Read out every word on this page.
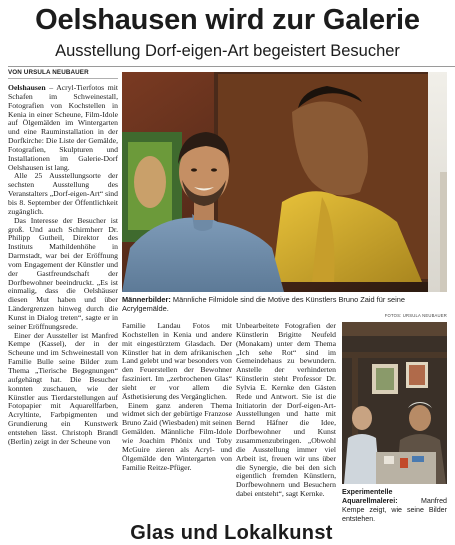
Oelshausen wird zur Galerie
Ausstellung Dorf-eigen-Art begeistert Besucher
VON URSULA NEUBAUER

Oelshausen – Acryl-Tierfotos mit Schafen im Schweinestall, Fotografien von Kochstellen in Kenia in einer Scheune, Film-Idole auf Ölgemälden im Wintergarten und eine Rauminstallation in der Dorfkirche: Die Liste der Gemälde, Fotografien, Skulpturen und Installationen im Galerie-Dorf Oelshausen ist lang.

Alle 25 Ausstellungsorte der sechsten Ausstellung des Veranstalters „Dorf-eigen-Art“ sind bis 8. September der Öffentlichkeit zugänglich.

Das Interesse der Besucher ist groß. Und auch Schirmherr Dr. Philipp Gutheil, Direktor des Instituts Mathildenhöhe in Darmstadt, war bei der Eröffnung vom Engagement der Künstler und der Gastfreundschaft der Dorfbewohner beeindruckt. „Es ist einmalig, dass die Oelshäuser diesen Mut haben und über Ländergrenzen hinweg durch die Kunst in Dialog treten“, sagte er in seiner Eröffnungsrede.

Einer der Aussteller ist Manfred Kempe (Kassel), der in der Scheune und im Schweinestall von Familie Bulle seine Bilder zum Thema „Tierische Begegnungen“ aufgehängt hat. Die Besucher konnten zuschauen, wie der Künstler aus Tierdarstellungen auf Fotopapier mit Aquarellfarben, Acryltinte, Farbpigmenten und Grundierung ein Kunstwerk entstehen lässt. Christoph Brandl (Berlin) zeigt in der Scheune von

Männerbilder: Männliche Filmidole sind die Motive des Künstlers Bruno Zaid für seine Acrylgemälde.
FOTOS: URSULA NEUBAUER

Familie Landau Fotos mit Kochstellen in Kenia und andere mit eingestürztem Glasdach. Der Künstler hat in dem afrikanischen Land gelebt und war besonders von den Feuerstellen der Bewohner fasziniert. Im „zerbrochenen Glas“ sieht er vor allem die Ästhetisierung des Vergänglichen.

Einem ganz anderen Thema widmet sich der gebürtige Franzose Bruno Zaid (Wiesbaden) mit seinen Gemälden. Männliche Film-Idole wie Joachim Phönix und Toby McGuire zieren als Acryl- und Ölgemälde den Wintergarten von Familie Reitze-Pfüger.

Unbearbeitete Fotografien der Künstlerin Brigitte Neufeld (Monakam) unter dem Thema „Ich sehe Rot“ sind im Gemeindehaus zu bewundern. Anstelle der verhinderten Künstlerin steht Professor Dr. Sylvia E. Kernke den Gästen Rede und Antwort. Sie ist die Initiatorin der Dorf-eigen-Art-Ausstellungen und hatte mit Bernd Häfner die Idee, Dorfbewohner und Kunst zusammenzubringen. „Obwohl die Ausstellung immer viel Arbeit ist, freuen wir uns über die Synergie, die bei den sich eigentlich fremden Künstlern, Dorfbewohnern und Besuchern dabei entsteht“, sagt Kernke.	Experimentelle Aquarellmalerei: Manfred Kempe zeigt, wie seine Bilder entstehen.
Glas und Lokalkunst
